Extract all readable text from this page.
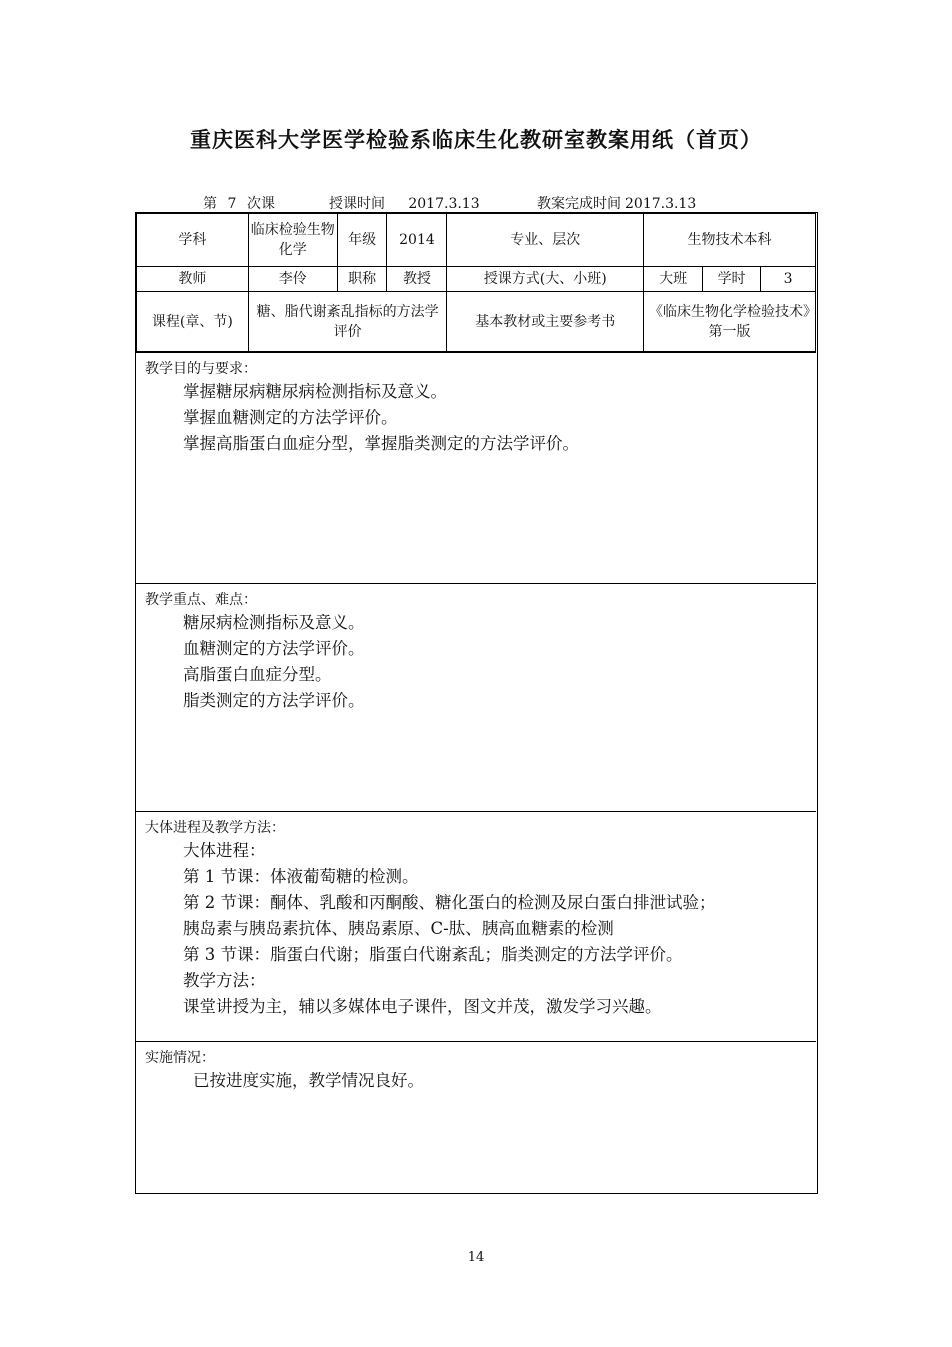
重庆医科大学医学检验系临床生化教研室教案用纸（首页）
第 7 次课	授课时间 2017.3.13	教案完成时间 2017.3.13
学科	临床检验生物化学	年级	2014	专业、层次	生物技术本科		
教师	李伶	职称	教授	授课方式(大、小班)	大班	学时	3
课程(章、节)	糖、脂代谢紊乱指标的方法学评价			基本教材或主要参考书	《临床生物化学检验技术》第一版		
教学目的与要求：
掌握糖尿病糖尿病检测指标及意义。
掌握血糖测定的方法学评价。
掌握高脂蛋白血症分型，掌握脂类测定的方法学评价。
教学重点、难点：
糖尿病检测指标及意义。
血糖测定的方法学评价。
高脂蛋白血症分型。
脂类测定的方法学评价。
大体进程及教学方法：
大体进程：
第 1 节课：体液葡萄糖的检测。
第 2 节课：酮体、乳酸和丙酮酸、糖化蛋白的检测及尿白蛋白排泄试验；
胰岛素与胰岛素抗体、胰岛素原、C-肽、胰高血糖素的检测
第 3 节课：脂蛋白代谢；脂蛋白代谢紊乱；脂类测定的方法学评价。
教学方法：
课堂讲授为主，辅以多媒体电子课件，图文并茂，激发学习兴趣。
实施情况：
已按进度实施，教学情况良好。
14
